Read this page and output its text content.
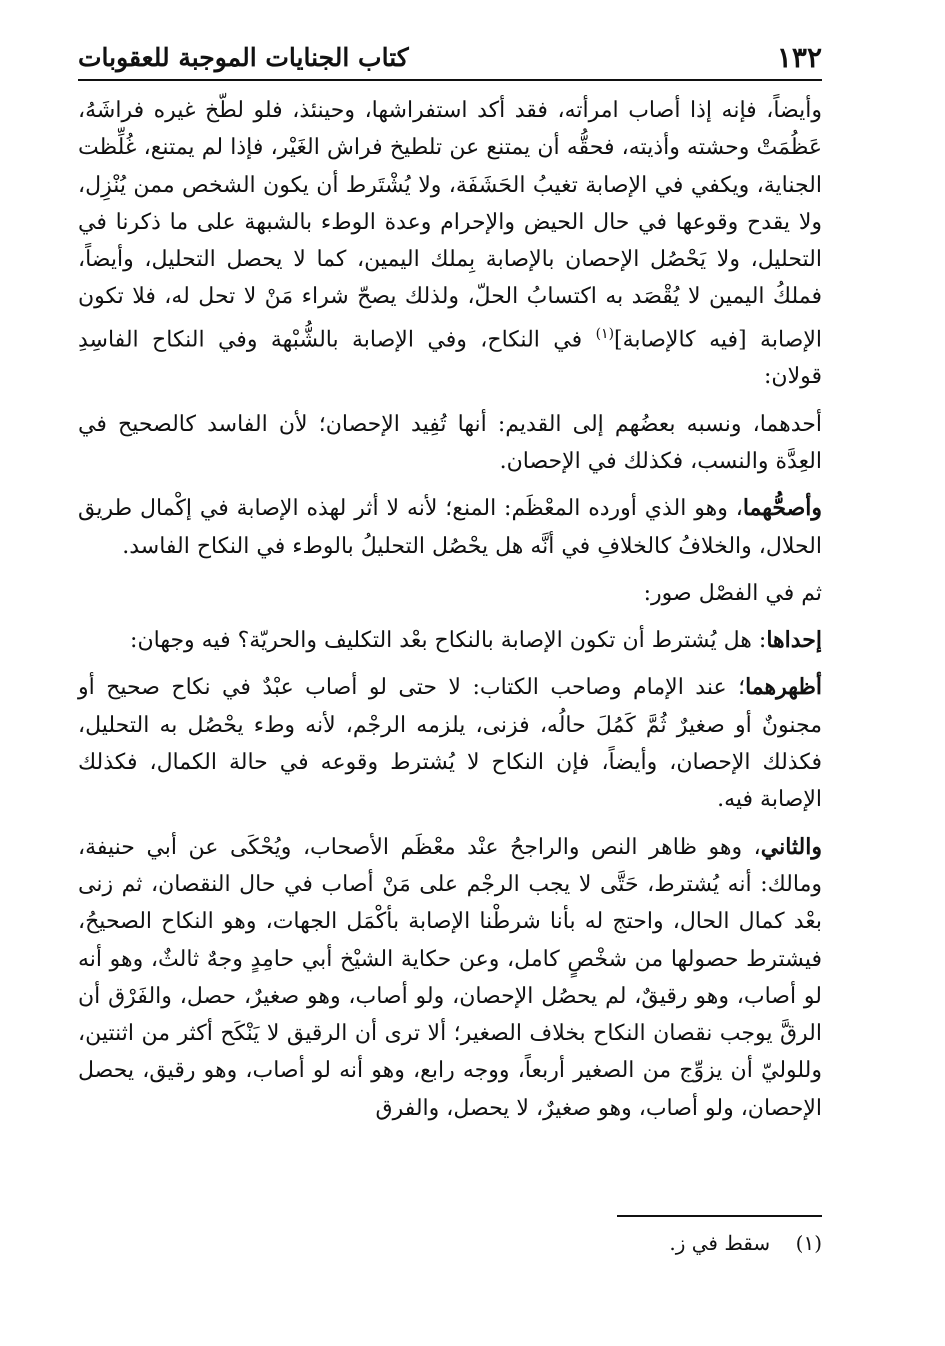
١٣٢
كتاب الجنايات الموجبة للعقوبات

وأيضاً، فإنه إذا أصاب امرأته، فقد أكد استفراشها، وحينئذ، فلو لطّخ غيره فراشَهُ، عَظُمَتْ وحشته وأذيته، فحقُّه أن يمتنع عن تلطيخ فراش الغَيْر، فإذا لم يمتنع، غُلِّظت الجناية، ويكفي في الإصابة تغيبُ الحَشَفَة، ولا يُشْتَرط أن يكون الشخص ممن يُنْزِل، ولا يقدح وقوعها في حال الحيض والإحرام وعدة الوطء بالشبهة على ما ذكرنا في التحليل، ولا يَحْصُل الإحصان بالإصابة بِملك اليمين، كما لا يحصل التحليل، وأيضاً، فملكُ اليمين لا يُقْصَد به اكتسابُ الحلّ، ولذلك يصحّ شراء مَنْ لا تحل له، فلا تكون الإصابة [فيه كالإصابة]$^{(١)}$ في النكاح، وفي الإصابة بالشُّبْهة وفي النكاح الفاسِدِ قولان:

أحدهما، ونسبه بعضُهم إلى القديم: أنها تُفِيد الإحصان؛ لأن الفاسد كالصحيح في العِدَّة والنسب، فكذلك في الإحصان.

وأصحُّهما، وهو الذي أورده المعْظَم: المنع؛ لأنه لا أثر لهذه الإصابة في إكْمال طريق الحلال، والخلافُ كالخلافِ في أنَّه هل يحْصُل التحليلُ بالوطء في النكاح الفاسد.

ثم في الفصْل صور:

إحداها: هل يُشترط أن تكون الإصابة بالنكاح بعْد التكليف والحريّة؟ فيه وجهان:

أظهرهما؛ عند الإمام وصاحب الكتاب: لا حتى لو أصاب عبْدٌ في نكاح صحيح أو مجنونٌ أو صغيرٌ ثُمَّ كَمُلَ حالُه، فزنى، يلزمه الرجْم، لأنه وطء يحْصُل به التحليل، فكذلك الإحصان، وأيضاً، فإن النكاح لا يُشترط وقوعه في حالة الكمال، فكذلك الإصابة فيه.

والثاني، وهو ظاهر النص والراجحُ عنْد معْظَم الأصحاب، ويُحْكَى عن أبي حنيفة، ومالك: أنه يُشترط، حَتَّى لا يجب الرجْم على مَنْ أصاب في حال النقصان، ثم زنى بعْد كمال الحال، واحتج له بأنا شرطْنا الإصابة بأكْمَل الجهات، وهو النكاح الصحيحُ، فيشترط حصولها من شخْصٍ كامل، وعن حكاية الشيْخ أبي حامِدٍ وجهٌ ثالثٌ، وهو أنه لو أصاب، وهو رقيقٌ، لم يحصُل الإحصان، ولو أصاب، وهو صغيرٌ، حصل، والفَرْق أن الرقَّ يوجب نقصان النكاح بخلاف الصغير؛ ألا ترى أن الرقيق لا يَنْكَح أكثر من اثنتين، وللوليّ أن يزوِّج من الصغير أربعاً، ووجه رابع، وهو أنه لو أصاب، وهو رقيق، يحصل الإحصان، ولو أصاب، وهو صغيرٌ، لا يحصل، والفرق

(١)    سقط في ز.
